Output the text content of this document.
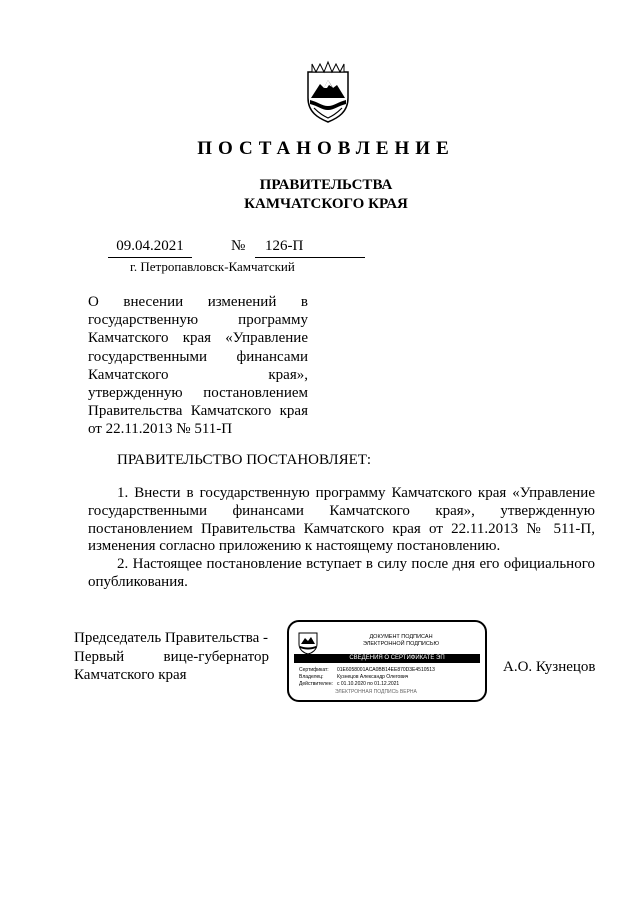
ПОСТАНОВЛЕНИЕ
ПРАВИТЕЛЬСТВА
КАМЧАТСКОГО КРАЯ
09.04.2021	№	126-П
г. Петропавловск-Камчатский
О внесении изменений в
государственную программу
Камчатского края «Управление
государственными финансами
Камчатского края»,
утвержденную постановлением
Правительства Камчатского края
от 22.11.2013 № 511-П
ПРАВИТЕЛЬСТВО ПОСТАНОВЛЯЕТ:

1. Внести в государственную программу Камчатского края «Управление государственными финансами Камчатского края», утвержденную постановлением Правительства Камчатского края от 22.11.2013 № 511-П, изменения согласно приложению к настоящему постановлению.

2. Настоящее постановление вступает в силу после дня его официального опубликования.

Председатель Правительства -
Первый вице-губернатор
Камчатского края
ДОКУМЕНТ ПОДПИСАН
ЭЛЕКТРОННОЙ ПОДПИСЬЮ
СВЕДЕНИЯ О СЕРТИФИКАТЕ ЭП
Сертификат: 01E6058001ACA0BB14EE870D3E4510513
Владелец:	Кузнецов Александр Олегович
Действителен: с 01.10.2020 по 01.12.2021
ЭЛЕКТРОННАЯ ПОДПИСЬ ВЕРНА
А.О. Кузнецов
